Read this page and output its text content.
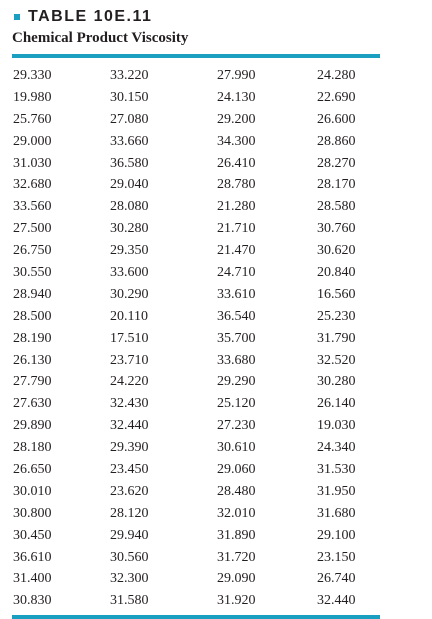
TABLE 10E.11
Chemical Product Viscosity
29.330	33.220	27.990	24.280
19.980	30.150	24.130	22.690
25.760	27.080	29.200	26.600
29.000	33.660	34.300	28.860
31.030	36.580	26.410	28.270
32.680	29.040	28.780	28.170
33.560	28.080	21.280	28.580
27.500	30.280	21.710	30.760
26.750	29.350	21.470	30.620
30.550	33.600	24.710	20.840
28.940	30.290	33.610	16.560
28.500	20.110	36.540	25.230
28.190	17.510	35.700	31.790
26.130	23.710	33.680	32.520
27.790	24.220	29.290	30.280
27.630	32.430	25.120	26.140
29.890	32.440	27.230	19.030
28.180	29.390	30.610	24.340
26.650	23.450	29.060	31.530
30.010	23.620	28.480	31.950
30.800	28.120	32.010	31.680
30.450	29.940	31.890	29.100
36.610	30.560	31.720	23.150
31.400	32.300	29.090	26.740
30.830	31.580	31.920	32.440
